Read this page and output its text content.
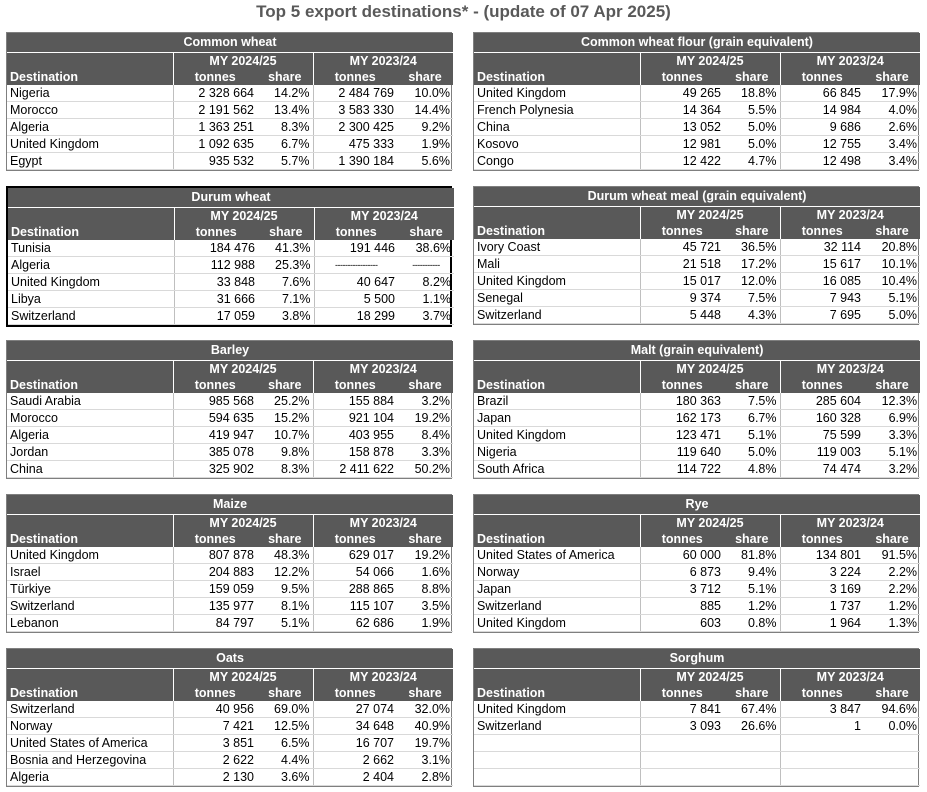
Top 5 export destinations* - (update of 07 Apr 2025)
Common wheat				
	MY 2024/25		MY 2023/24	
Destination	tonnes	share	tonnes	share
Nigeria	2 328 664	14.2%	2 484 769	10.0%
Morocco	2 191 562	13.4%	3 583 330	14.4%
Algeria	1 363 251	8.3%	2 300 425	9.2%
United Kingdom	1 092 635	6.7%	475 333	1.9%
Egypt	935 532	5.7%	1 390 184	5.6%
Common wheat flour (grain equivalent)				
	MY 2024/25		MY 2023/24	
Destination	tonnes	share	tonnes	share
United Kingdom	49 265	18.8%	66 845	17.9%
French Polynesia	14 364	5.5%	14 984	4.0%
China	13 052	5.0%	9 686	2.6%
Kosovo	12 981	5.0%	12 755	3.4%
Congo	12 422	4.7%	12 498	3.4%
Durum wheat				
	MY 2024/25		MY 2023/24	
Destination	tonnes	share	tonnes	share
Tunisia	184 476	41.3%	191 446	38.6%
Algeria	112 988	25.3%	-----------------	-----------
United Kingdom	33 848	7.6%	40 647	8.2%
Libya	31 666	7.1%	5 500	1.1%
Switzerland	17 059	3.8%	18 299	3.7%
Durum wheat meal (grain equivalent)				
	MY 2024/25		MY 2023/24	
Destination	tonnes	share	tonnes	share
Ivory Coast	45 721	36.5%	32 114	20.8%
Mali	21 518	17.2%	15 617	10.1%
United Kingdom	15 017	12.0%	16 085	10.4%
Senegal	9 374	7.5%	7 943	5.1%
Switzerland	5 448	4.3%	7 695	5.0%
Barley				
	MY 2024/25		MY 2023/24	
Destination	tonnes	share	tonnes	share
Saudi Arabia	985 568	25.2%	155 884	3.2%
Morocco	594 635	15.2%	921 104	19.2%
Algeria	419 947	10.7%	403 955	8.4%
Jordan	385 078	9.8%	158 878	3.3%
China	325 902	8.3%	2 411 622	50.2%
Malt (grain equivalent)				
	MY 2024/25		MY 2023/24	
Destination	tonnes	share	tonnes	share
Brazil	180 363	7.5%	285 604	12.3%
Japan	162 173	6.7%	160 328	6.9%
United Kingdom	123 471	5.1%	75 599	3.3%
Nigeria	119 640	5.0%	119 003	5.1%
South Africa	114 722	4.8%	74 474	3.2%
Maize				
	MY 2024/25		MY 2023/24	
Destination	tonnes	share	tonnes	share
United Kingdom	807 878	48.3%	629 017	19.2%
Israel	204 883	12.2%	54 066	1.6%
Türkiye	159 059	9.5%	288 865	8.8%
Switzerland	135 977	8.1%	115 107	3.5%
Lebanon	84 797	5.1%	62 686	1.9%
Rye				
	MY 2024/25		MY 2023/24	
Destination	tonnes	share	tonnes	share
United States of America	60 000	81.8%	134 801	91.5%
Norway	6 873	9.4%	3 224	2.2%
Japan	3 712	5.1%	3 169	2.2%
Switzerland	885	1.2%	1 737	1.2%
United Kingdom	603	0.8%	1 964	1.3%
Oats				
	MY 2024/25		MY 2023/24	
Destination	tonnes	share	tonnes	share
Switzerland	40 956	69.0%	27 074	32.0%
Norway	7 421	12.5%	34 648	40.9%
United States of America	3 851	6.5%	16 707	19.7%
Bosnia and Herzegovina	2 622	4.4%	2 662	3.1%
Algeria	2 130	3.6%	2 404	2.8%
Sorghum				
	MY 2024/25		MY 2023/24	
Destination	tonnes	share	tonnes	share
United Kingdom	7 841	67.4%	3 847	94.6%
Switzerland	3 093	26.6%	1	0.0%
